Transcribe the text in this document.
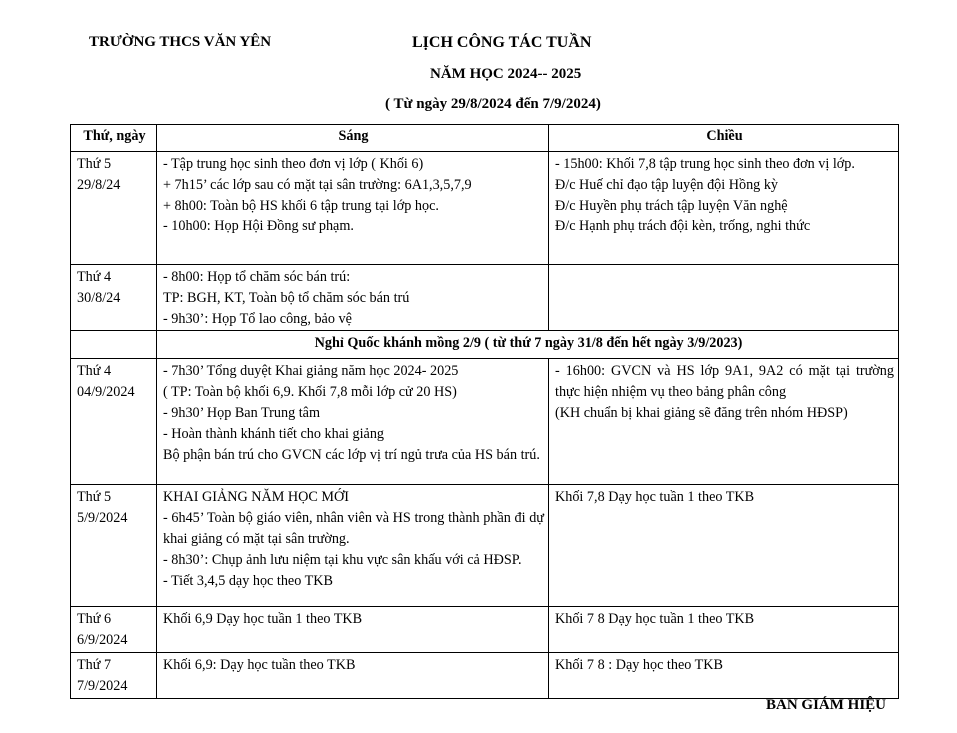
TRƯỜNG THCS VĂN YÊN	LỊCH CÔNG TÁC TUẦN
NĂM HỌC 2024-- 2025
( Từ ngày 29/8/2024 đến 7/9/2024)
Thứ, ngày	Sáng	Chiều

Thứ 5
29/8/24	- Tập trung học sinh theo đơn vị lớp ( Khối 6)
+ 7h15’ các lớp sau có mặt tại sân trường: 6A1,3,5,7,9
+ 8h00: Toàn bộ HS khối 6 tập trung tại lớp học.
- 10h00: Họp Hội Đồng sư phạm.	- 15h00: Khối 7,8 tập trung học sinh theo đơn vị lớp.
Đ/c Huế chỉ đạo tập luyện đội Hồng kỳ
Đ/c Huyền phụ trách tập luyện Văn nghệ
Đ/c Hạnh phụ trách đội kèn, trống, nghi thức

Thứ 4
30/8/24	- 8h00: Họp tổ chăm sóc bán trú:
TP: BGH, KT, Toàn bộ tổ chăm sóc bán trú
- 9h30’: Họp Tổ lao công, bảo vệ	

	Nghỉ Quốc khánh mồng 2/9 ( từ thứ 7 ngày 31/8 đến hết ngày 3/9/2023)	

Thứ 4
04/9/2024	- 7h30’ Tổng duyệt Khai giảng năm học 2024- 2025
( TP: Toàn bộ khối 6,9. Khối 7,8 mỗi lớp cử 20 HS)
- 9h30’ Họp Ban Trung tâm
- Hoàn thành khánh tiết cho khai giảng
Bộ phận bán trú cho GVCN các lớp vị trí ngủ trưa của HS bán trú.	- 16h00: GVCN và HS lớp 9A1, 9A2 có mặt tại trường thực hiện nhiệm vụ theo bảng phân công
(KH chuẩn bị khai giảng sẽ đăng trên nhóm HĐSP)

Thứ 5
5/9/2024	KHAI GIẢNG NĂM HỌC MỚI
- 6h45’ Toàn bộ giáo viên, nhân viên và HS trong thành phần đi dự khai giảng có mặt tại sân trường.
- 8h30’: Chụp ảnh lưu niệm tại khu vực sân khấu với cả HĐSP.
- Tiết 3,4,5 dạy học theo TKB	Khối 7,8 Dạy học tuần 1 theo TKB

Thứ 6
6/9/2024	Khối 6,9 Dạy học tuần 1 theo TKB	Khối 7 8 Dạy học tuần 1 theo TKB

Thứ 7
7/9/2024	Khối 6,9: Dạy học tuần theo TKB	Khối 7 8 : Dạy học theo TKB
BAN GIÁM HIỆU
